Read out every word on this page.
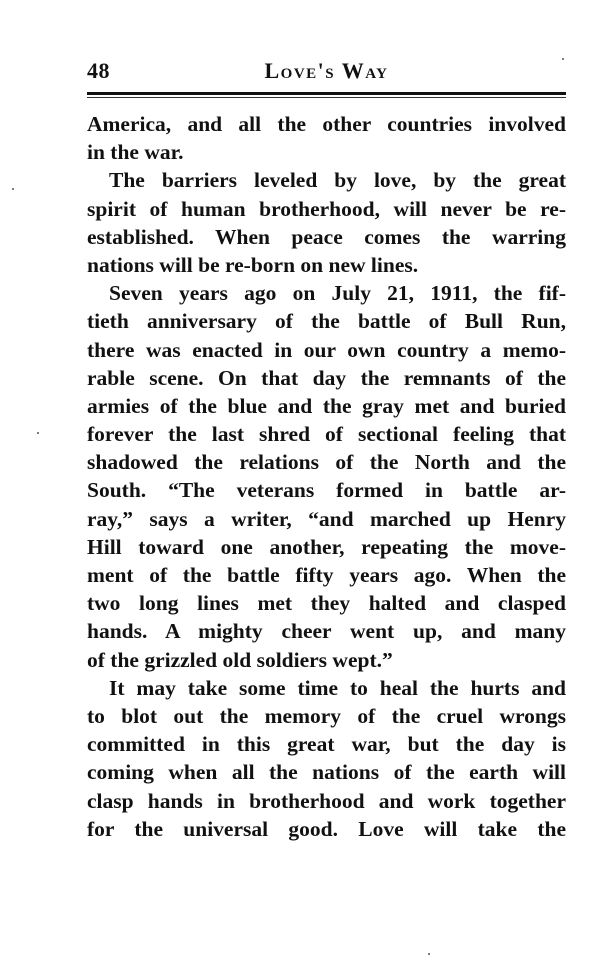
48	Love's Way
America, and all the other countries involved
in the war.
The barriers leveled by love, by the great
spirit of human brotherhood, will never be re-
established. When peace comes the warring
nations will be re-born on new lines.
Seven years ago on July 21, 1911, the fif-
tieth anniversary of the battle of Bull Run,
there was enacted in our own country a memo-
rable scene. On that day the remnants of the
armies of the blue and the gray met and buried
forever the last shred of sectional feeling that
shadowed the relations of the North and the
South. “The veterans formed in battle ar-
ray,” says a writer, “and marched up Henry
Hill toward one another, repeating the move-
ment of the battle fifty years ago. When the
two long lines met they halted and clasped
hands. A mighty cheer went up, and many
of the grizzled old soldiers wept.”
It may take some time to heal the hurts and
to blot out the memory of the cruel wrongs
committed in this great war, but the day is
coming when all the nations of the earth will
clasp hands in brotherhood and work together
for the universal good. Love will take the
